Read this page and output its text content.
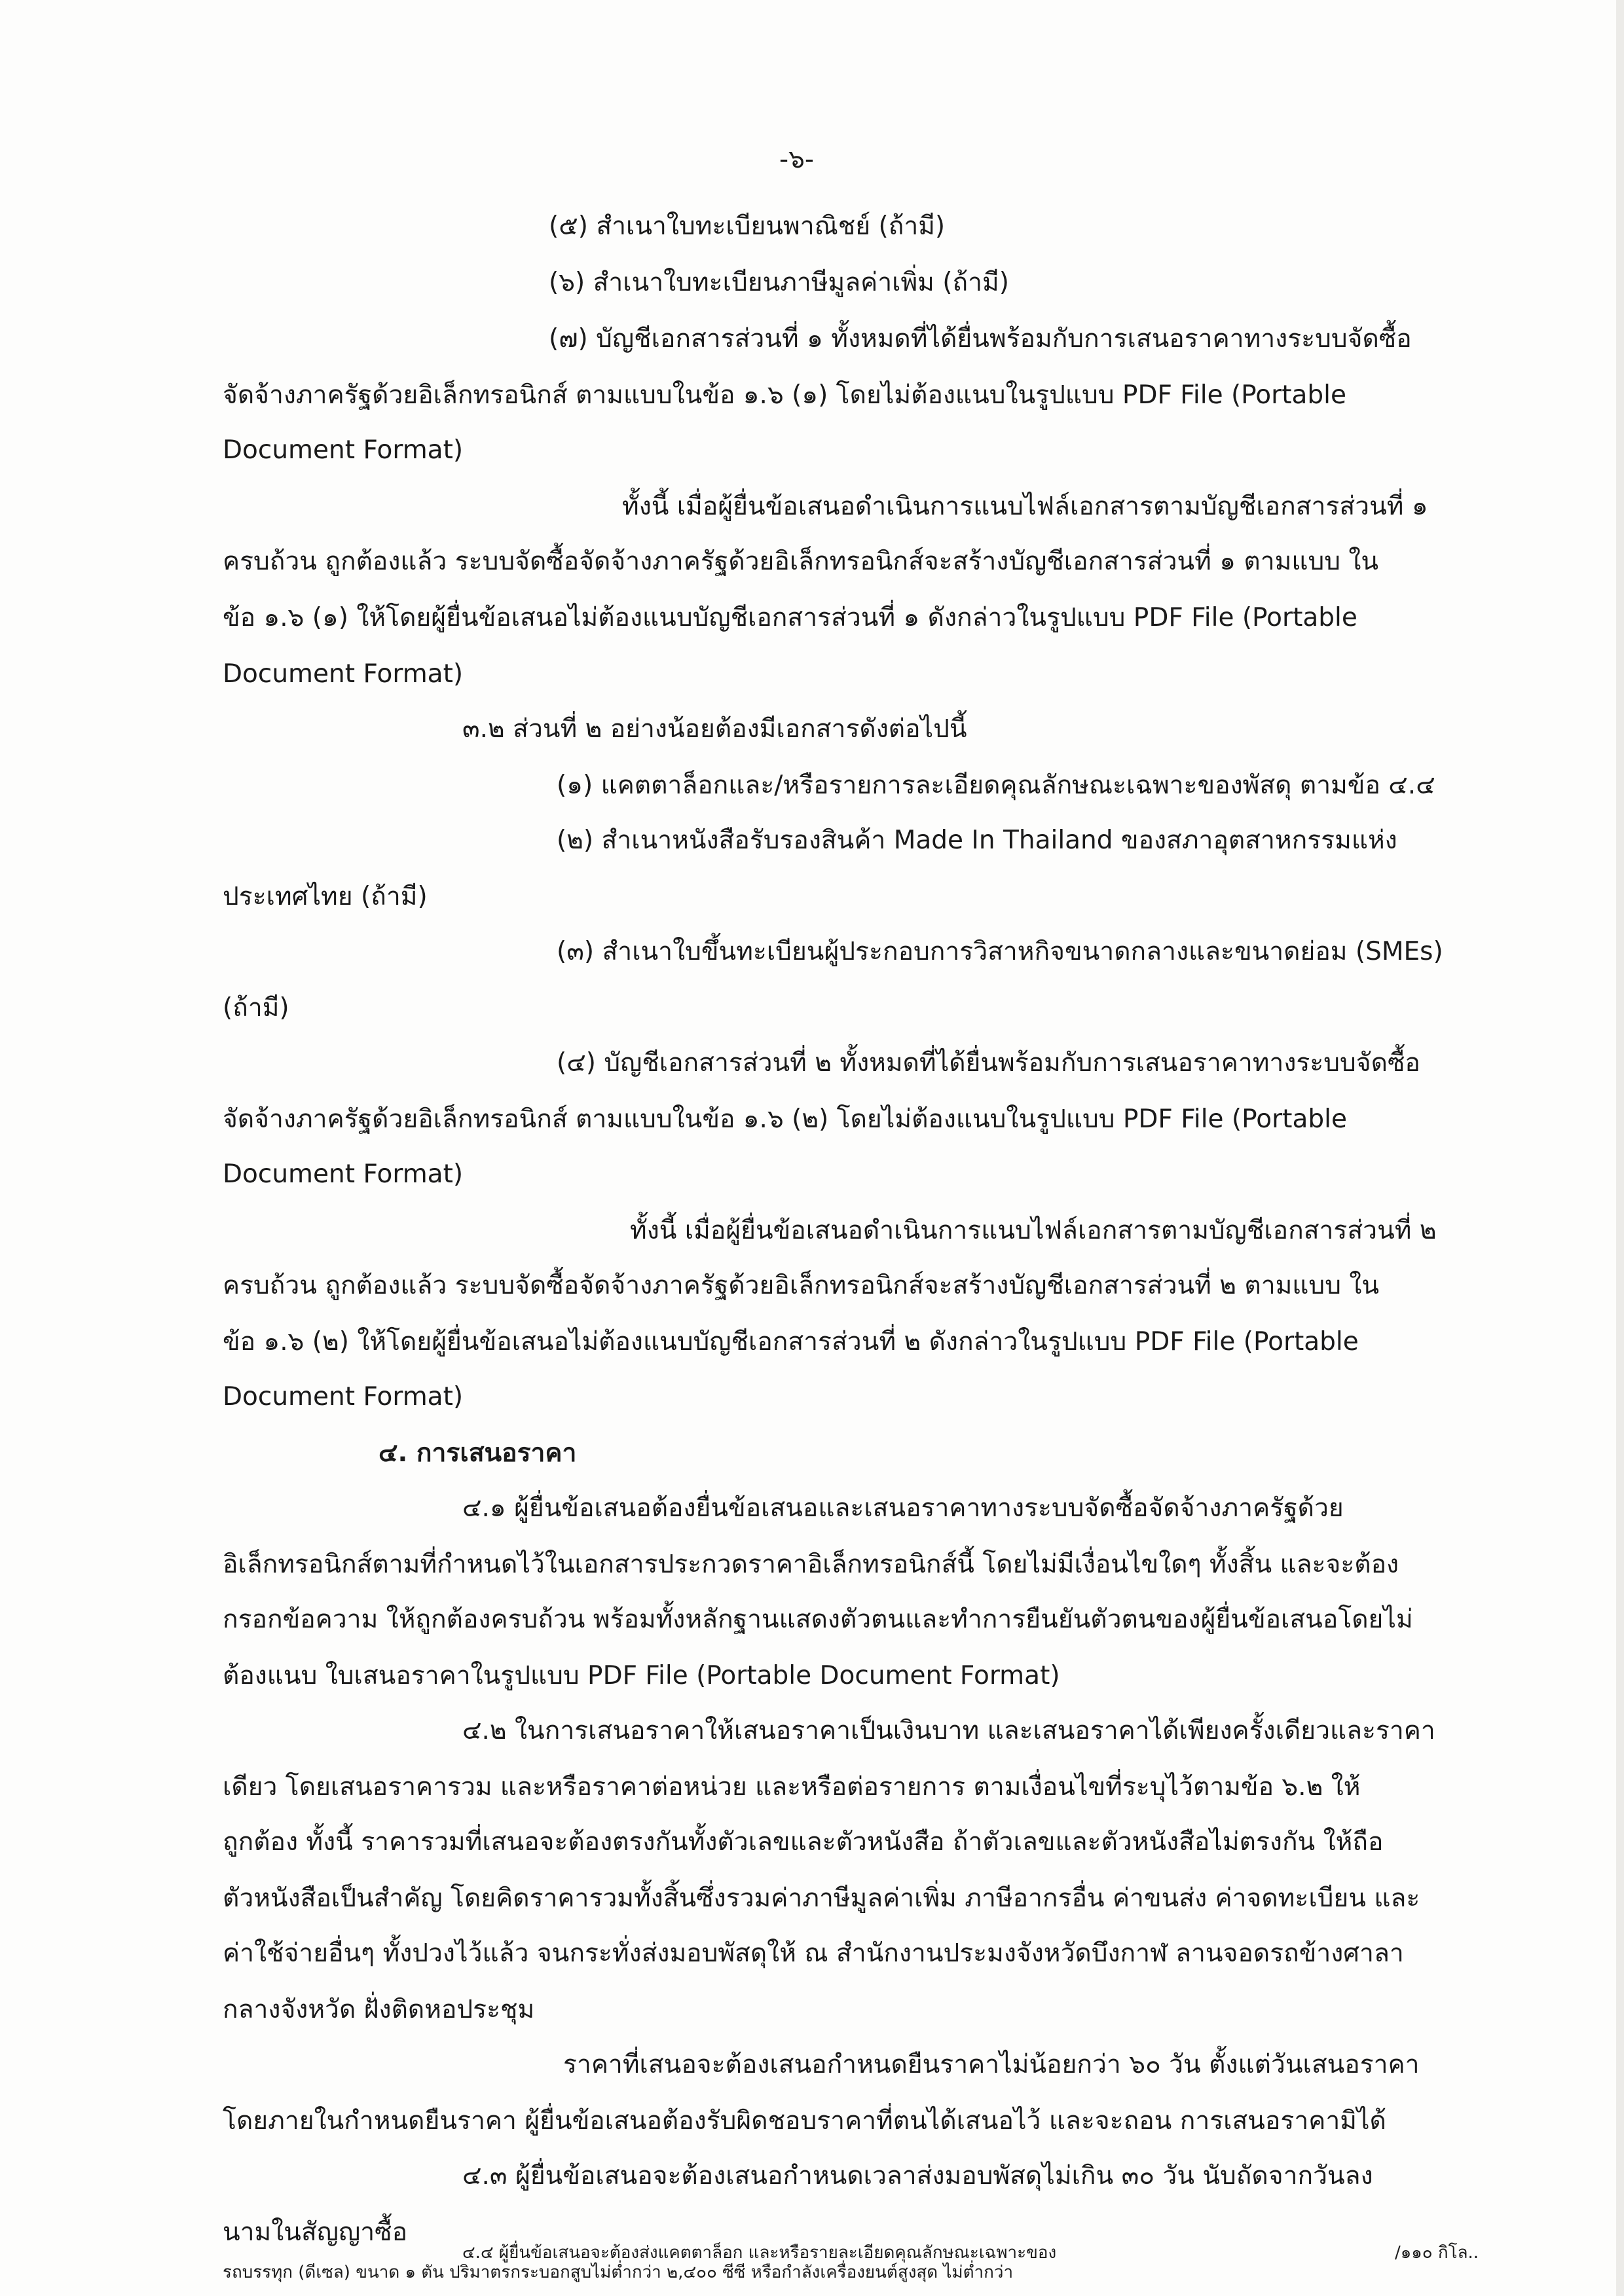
-๖-
(๕) สำเนาใบทะเบียนพาณิชย์ (ถ้ามี)
(๖) สำเนาใบทะเบียนภาษีมูลค่าเพิ่ม (ถ้ามี)
(๗) บัญชีเอกสารส่วนที่ ๑ ทั้งหมดที่ได้ยื่นพร้อมกับการเสนอราคาทางระบบจัดซื้อ
จัดจ้างภาครัฐด้วยอิเล็กทรอนิกส์ ตามแบบในข้อ ๑.๖ (๑) โดยไม่ต้องแนบในรูปแบบ PDF File (Portable
Document Format)
ทั้งนี้ เมื่อผู้ยื่นข้อเสนอดำเนินการแนบไฟล์เอกสารตามบัญชีเอกสารส่วนที่ ๑
ครบถ้วน ถูกต้องแล้ว ระบบจัดซื้อจัดจ้างภาครัฐด้วยอิเล็กทรอนิกส์จะสร้างบัญชีเอกสารส่วนที่ ๑ ตามแบบ ใน
ข้อ ๑.๖ (๑) ให้โดยผู้ยื่นข้อเสนอไม่ต้องแนบบัญชีเอกสารส่วนที่ ๑ ดังกล่าวในรูปแบบ PDF File (Portable
Document Format)
๓.๒ ส่วนที่ ๒ อย่างน้อยต้องมีเอกสารดังต่อไปนี้
(๑) แคตตาล็อกและ/หรือรายการละเอียดคุณลักษณะเฉพาะของพัสดุ ตามข้อ ๔.๔
(๒) สำเนาหนังสือรับรองสินค้า Made In Thailand ของสภาอุตสาหกรรมแห่ง
ประเทศไทย (ถ้ามี)
(๓) สำเนาใบขึ้นทะเบียนผู้ประกอบการวิสาหกิจขนาดกลางและขนาดย่อม (SMEs)
(ถ้ามี)
(๔) บัญชีเอกสารส่วนที่ ๒ ทั้งหมดที่ได้ยื่นพร้อมกับการเสนอราคาทางระบบจัดซื้อ
จัดจ้างภาครัฐด้วยอิเล็กทรอนิกส์ ตามแบบในข้อ ๑.๖ (๒) โดยไม่ต้องแนบในรูปแบบ PDF File (Portable
Document Format)
ทั้งนี้ เมื่อผู้ยื่นข้อเสนอดำเนินการแนบไฟล์เอกสารตามบัญชีเอกสารส่วนที่ ๒
ครบถ้วน ถูกต้องแล้ว ระบบจัดซื้อจัดจ้างภาครัฐด้วยอิเล็กทรอนิกส์จะสร้างบัญชีเอกสารส่วนที่ ๒ ตามแบบ ใน
ข้อ ๑.๖ (๒) ให้โดยผู้ยื่นข้อเสนอไม่ต้องแนบบัญชีเอกสารส่วนที่ ๒ ดังกล่าวในรูปแบบ PDF File (Portable
Document Format)
๔. การเสนอราคา
๔.๑ ผู้ยื่นข้อเสนอต้องยื่นข้อเสนอและเสนอราคาทางระบบจัดซื้อจัดจ้างภาครัฐด้วย
อิเล็กทรอนิกส์ตามที่กำหนดไว้ในเอกสารประกวดราคาอิเล็กทรอนิกส์นี้ โดยไม่มีเงื่อนไขใดๆ ทั้งสิ้น และจะต้อง
กรอกข้อความ ให้ถูกต้องครบถ้วน พร้อมทั้งหลักฐานแสดงตัวตนและทำการยืนยันตัวตนของผู้ยื่นข้อเสนอโดยไม่
ต้องแนบ ใบเสนอราคาในรูปแบบ PDF File (Portable Document Format)
๔.๒ ในการเสนอราคาให้เสนอราคาเป็นเงินบาท และเสนอราคาได้เพียงครั้งเดียวและราคา
เดียว โดยเสนอราคารวม และหรือราคาต่อหน่วย และหรือต่อรายการ ตามเงื่อนไขที่ระบุไว้ตามข้อ ๖.๒ ให้
ถูกต้อง ทั้งนี้ ราคารวมที่เสนอจะต้องตรงกันทั้งตัวเลขและตัวหนังสือ ถ้าตัวเลขและตัวหนังสือไม่ตรงกัน ให้ถือ
ตัวหนังสือเป็นสำคัญ โดยคิดราคารวมทั้งสิ้นซึ่งรวมค่าภาษีมูลค่าเพิ่ม ภาษีอากรอื่น ค่าขนส่ง ค่าจดทะเบียน และ
ค่าใช้จ่ายอื่นๆ ทั้งปวงไว้แล้ว จนกระทั่งส่งมอบพัสดุให้ ณ สำนักงานประมงจังหวัดบึงกาฬ ลานจอดรถข้างศาลา
กลางจังหวัด ฝั่งติดหอประชุม
ราคาที่เสนอจะต้องเสนอกำหนดยืนราคาไม่น้อยกว่า ๖๐ วัน ตั้งแต่วันเสนอราคา
โดยภายในกำหนดยืนราคา ผู้ยื่นข้อเสนอต้องรับผิดชอบราคาที่ตนได้เสนอไว้ และจะถอน การเสนอราคามิได้
๔.๓ ผู้ยื่นข้อเสนอจะต้องเสนอกำหนดเวลาส่งมอบพัสดุไม่เกิน ๓๐ วัน นับถัดจากวันลง
นามในสัญญาซื้อ
๔.๔ ผู้ยื่นข้อเสนอจะต้องส่งแคตตาล็อก และหรือรายละเอียดคุณลักษณะเฉพาะของ
รถบรรทุก (ดีเซล) ขนาด ๑ ตัน ปริมาตรกระบอกสูบไม่ต่ำกว่า ๒,๔๐๐ ซีซี หรือกำลังเครื่องยนต์สูงสุด ไม่ต่ำกว่า
/๑๑๐ กิโล..
